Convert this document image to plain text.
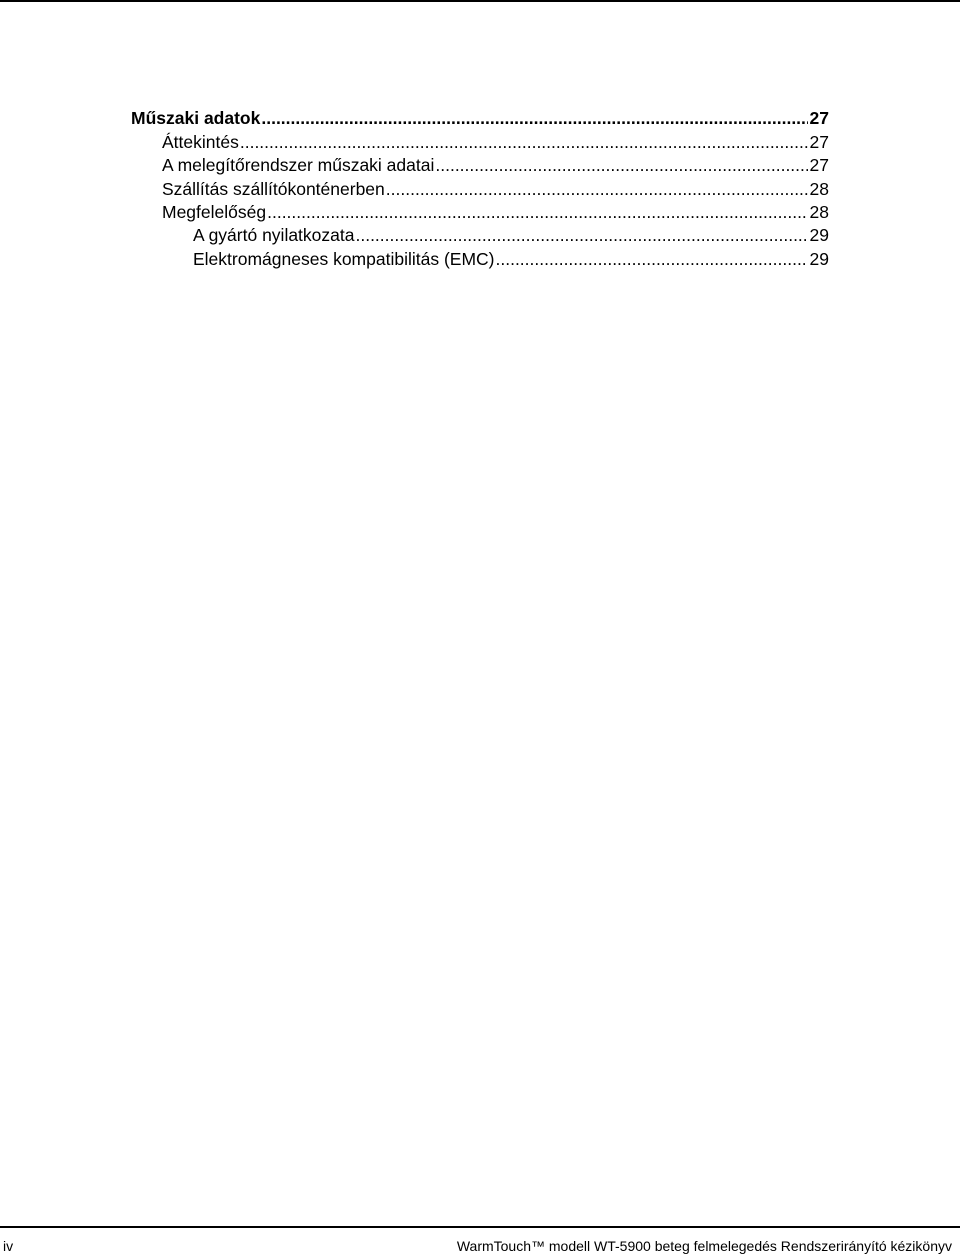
Műszaki adatok .....	27
Áttekintés .....	27
A melegítőrendszer műszaki adatai .....	27
Szállítás szállítókonténerben .....	28
Megfelelőség .....	28
A gyártó nyilatkozata .....	29
Elektromágneses kompatibilitás (EMC) .....	29
iv	WarmTouch™ modell WT-5900 beteg felmelegedés Rendszerirányító kézikönyv
